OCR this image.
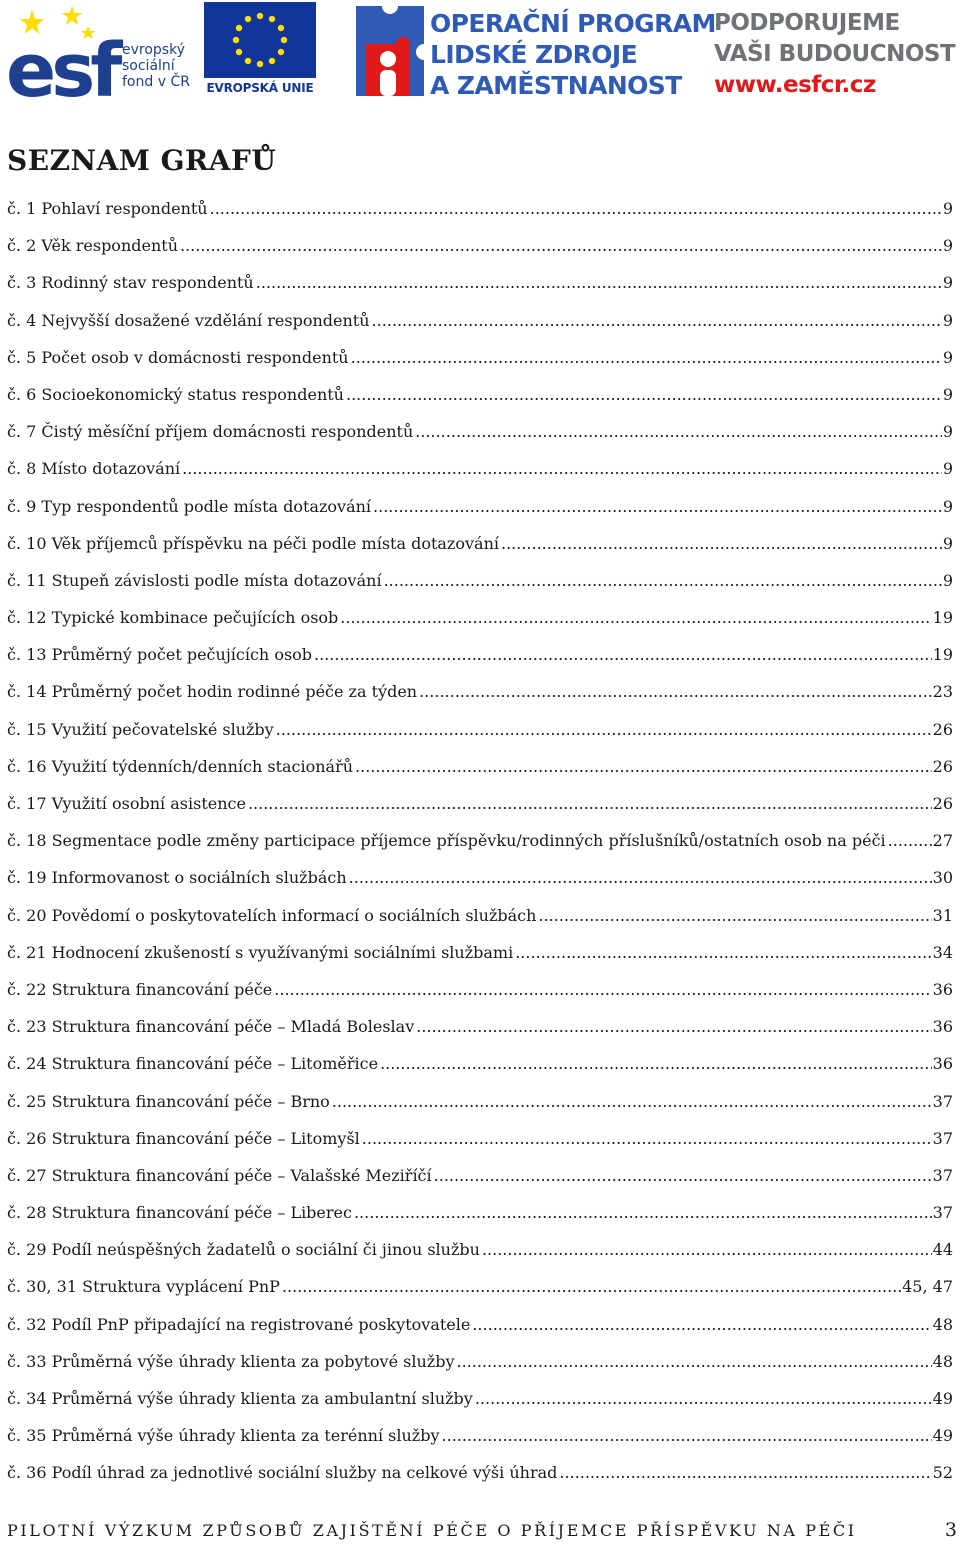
esf evropský
sociální
fond v ČR EVROPSKÁ UNIE
OPERAČNÍ PROGRAM
LIDSKÉ ZDROJE
A ZAMĚSTNANOST
PODPORUJEME
VAŠI BUDOUCNOST
www.esfcr.cz
SEZNAM GRAFŮ
č. 1 Pohlaví respondentů .....	9
č. 2 Věk respondentů .....	9
č. 3 Rodinný stav respondentů .....	9
č. 4 Nejvyšší dosažené vzdělání respondentů .....	9
č. 5 Počet osob v domácnosti respondentů .....	9
č. 6 Socioekonomický status respondentů .....	9
č. 7 Čistý měsíční příjem domácnosti respondentů .....	9
č. 8 Místo dotazování .....	9
č. 9 Typ respondentů podle místa dotazování .....	9
č. 10 Věk příjemců příspěvku na péči podle místa dotazování .....	9
č. 11 Stupeň závislosti podle místa dotazování .....	9
č. 12 Typické kombinace pečujících osob .....	19
č. 13 Průměrný počet pečujících osob .....	19
č. 14 Průměrný počet hodin rodinné péče za týden .....	23
č. 15 Využití pečovatelské služby .....	26
č. 16 Využití týdenních/denních stacionářů .....	26
č. 17 Využití osobní asistence .....	26
č. 18 Segmentace podle změny participace příjemce příspěvku/rodinných příslušníků/ostatních osob na péči .....	27
č. 19 Informovanost o sociálních službách .....	30
č. 20 Povědomí o poskytovatelích informací o sociálních službách .....	31
č. 21 Hodnocení zkušeností s využívanými sociálními službami .....	34
č. 22 Struktura financování péče .....	36
č. 23 Struktura financování péče – Mladá Boleslav .....	36
č. 24 Struktura financování péče – Litoměřice .....	36
č. 25 Struktura financování péče – Brno .....	37
č. 26 Struktura financování péče – Litomyšl .....	37
č. 27 Struktura financování péče – Valašské Meziříčí .....	37
č. 28 Struktura financování péče – Liberec .....	37
č. 29 Podíl neúspěšných žadatelů o sociální či jinou službu .....	44
č. 30, 31 Struktura vyplácení PnP .....	45, 47
č. 32 Podíl PnP připadající na registrované poskytovatele .....	48
č. 33 Průměrná výše úhrady klienta za pobytové služby .....	48
č. 34 Průměrná výše úhrady klienta za ambulantní služby .....	49
č. 35 Průměrná výše úhrady klienta za terénní služby .....	49
č. 36 Podíl úhrad za jednotlivé sociální služby na celkové výši úhrad .....	52
PILOTNÍ VÝZKUM ZPŮSOBŮ ZAJIŠTĚNÍ PÉČE O PŘÍJEMCE PŘÍSPĚVKU NA PÉČI	3
